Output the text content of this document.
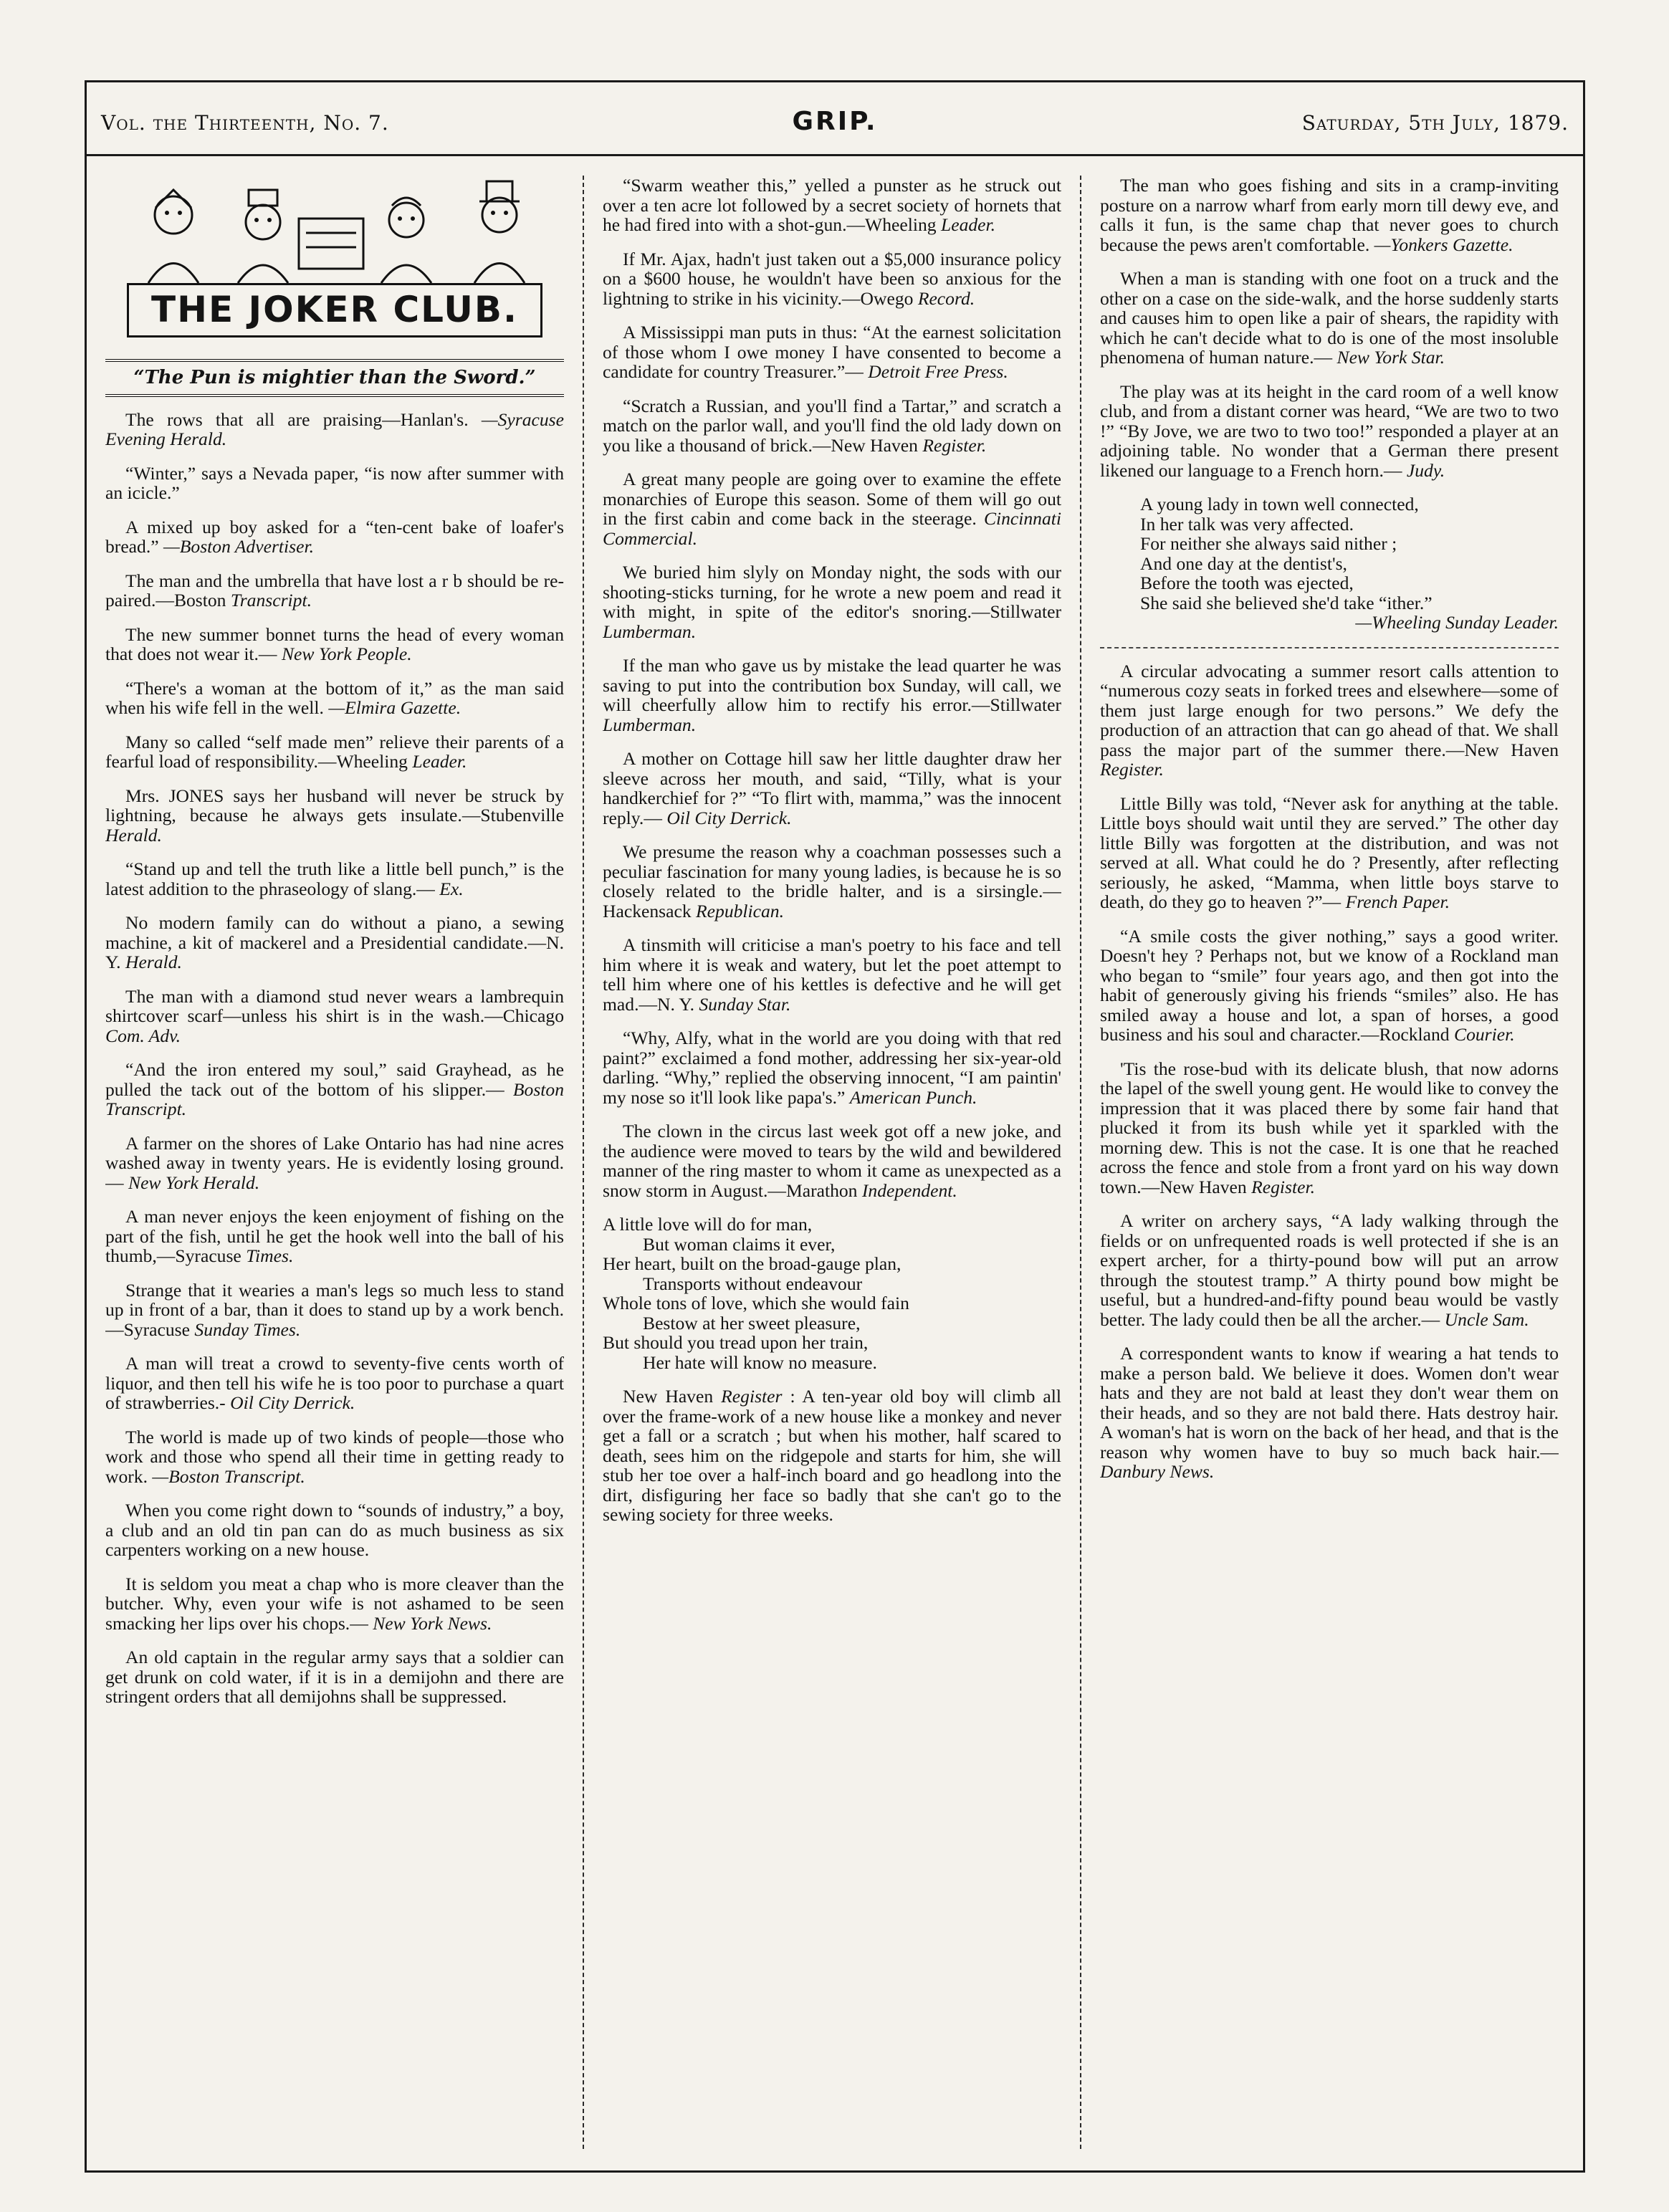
Vol. the Thirteenth, No. 7.	GRIP.	Saturday, 5th July, 1879.
THE JOKER CLUB.
“The Pun is mightier than the Sword.”

The rows that all are praising—Hanlan's. —Syracuse Evening Herald.

“Winter,” says a Nevada paper, “is now after summer with an icicle.”

A mixed up boy asked for a “ten-cent bake of loafer's bread.” —Boston Advertiser.

The man and the umbrella that have lost a r b should be re-paired.—Boston Transcript.

The new summer bonnet turns the head of every woman that does not wear it.— New York People.

“There's a woman at the bottom of it,” as the man said when his wife fell in the well. —Elmira Gazette.

Many so called “self made men” relieve their parents of a fearful load of responsibility.—Wheeling Leader.

Mrs. JONES says her husband will never be struck by lightning, because he always gets insulate.—Stubenville Herald.

“Stand up and tell the truth like a little bell punch,” is the latest addition to the phraseology of slang.— Ex.

No modern family can do without a piano, a sewing machine, a kit of mackerel and a Presidential candidate.—N. Y. Herald.

The man with a diamond stud never wears a lambrequin shirtcover scarf—unless his shirt is in the wash.—Chicago Com. Adv.

“And the iron entered my soul,” said Grayhead, as he pulled the tack out of the bottom of his slipper.— Boston Transcript.

A farmer on the shores of Lake Ontario has had nine acres washed away in twenty years. He is evidently losing ground.— New York Herald.

A man never enjoys the keen enjoyment of fishing on the part of the fish, until he get the hook well into the ball of his thumb,—Syracuse Times.

Strange that it wearies a man's legs so much less to stand up in front of a bar, than it does to stand up by a work bench.—Syracuse Sunday Times.

A man will treat a crowd to seventy-five cents worth of liquor, and then tell his wife he is too poor to purchase a quart of strawberries.- Oil City Derrick.

The world is made up of two kinds of people—those who work and those who spend all their time in getting ready to work. —Boston Transcript.

When you come right down to “sounds of industry,” a boy, a club and an old tin pan can do as much business as six carpenters working on a new house.

It is seldom you meat a chap who is more cleaver than the butcher. Why, even your wife is not ashamed to be seen smacking her lips over his chops.— New York News.

An old captain in the regular army says that a soldier can get drunk on cold water, if it is in a demijohn and there are stringent orders that all demijohns shall be suppressed.

“Swarm weather this,” yelled a punster as he struck out over a ten acre lot followed by a secret society of hornets that he had fired into with a shot-gun.—Wheeling Leader.

If Mr. Ajax, hadn't just taken out a $5,000 insurance policy on a $600 house, he wouldn't have been so anxious for the lightning to strike in his vicinity.—Owego Record.

A Mississippi man puts in thus: “At the earnest solicitation of those whom I owe money I have consented to become a candidate for country Treasurer.”— Detroit Free Press.

“Scratch a Russian, and you'll find a Tartar,” and scratch a match on the parlor wall, and you'll find the old lady down on you like a thousand of brick.—New Haven Register.

A great many people are going over to examine the effete monarchies of Europe this season. Some of them will go out in the first cabin and come back in the steerage. Cincinnati Commercial.

We buried him slyly on Monday night, the sods with our shooting-sticks turning, for he wrote a new poem and read it with might, in spite of the editor's snoring.—Stillwater Lumberman.

If the man who gave us by mistake the lead quarter he was saving to put into the contribution box Sunday, will call, we will cheerfully allow him to rectify his error.—Stillwater Lumberman.

A mother on Cottage hill saw her little daughter draw her sleeve across her mouth, and said, “Tilly, what is your handkerchief for ?” “To flirt with, mamma,” was the innocent reply.— Oil City Derrick.

We presume the reason why a coachman possesses such a peculiar fascination for many young ladies, is because he is so closely related to the bridle halter, and is a sirsingle.—Hackensack Republican.

A tinsmith will criticise a man's poetry to his face and tell him where it is weak and watery, but let the poet attempt to tell him where one of his kettles is defective and he will get mad.—N. Y. Sunday Star.

“Why, Alfy, what in the world are you doing with that red paint?” exclaimed a fond mother, addressing her six-year-old darling. “Why,” replied the observing innocent, “I am paintin' my nose so it'll look like papa's.” American Punch.

The clown in the circus last week got off a new joke, and the audience were moved to tears by the wild and bewildered manner of the ring master to whom it came as unexpected as a snow storm in August.—Marathon Independent.

A little love will do for man,
But woman claims it ever,
Her heart, built on the broad-gauge plan,
Transports without endeavour
Whole tons of love, which she would fain
Bestow at her sweet pleasure,
But should you tread upon her train,
Her hate will know no measure.

New Haven Register : A ten-year old boy will climb all over the frame-work of a new house like a monkey and never get a fall or a scratch ; but when his mother, half scared to death, sees him on the ridgepole and starts for him, she will stub her toe over a half-inch board and go headlong into the dirt, disfiguring her face so badly that she can't go to the sewing society for three weeks.

The man who goes fishing and sits in a cramp-inviting posture on a narrow wharf from early morn till dewy eve, and calls it fun, is the same chap that never goes to church because the pews aren't comfortable. —Yonkers Gazette.

When a man is standing with one foot on a truck and the other on a case on the side-walk, and the horse suddenly starts and causes him to open like a pair of shears, the rapidity with which he can't decide what to do is one of the most insoluble phenomena of human nature.— New York Star.

The play was at its height in the card room of a well know club, and from a distant corner was heard, “We are two to two !” “By Jove, we are two to two too!” responded a player at an adjoining table. No wonder that a German there present likened our language to a French horn.— Judy.

A young lady in town well connected,
In her talk was very affected.
For neither she always said nither ;
And one day at the dentist's,
Before the tooth was ejected,
She said she believed she'd take “ither.”
—Wheeling Sunday Leader.

A circular advocating a summer resort calls attention to “numerous cozy seats in forked trees and elsewhere—some of them just large enough for two persons.” We defy the production of an attraction that can go ahead of that. We shall pass the major part of the summer there.—New Haven Register.

Little Billy was told, “Never ask for anything at the table. Little boys should wait until they are served.” The other day little Billy was forgotten at the distribution, and was not served at all. What could he do ? Presently, after reflecting seriously, he asked, “Mamma, when little boys starve to death, do they go to heaven ?”— French Paper.

“A smile costs the giver nothing,” says a good writer. Doesn't hey ? Perhaps not, but we know of a Rockland man who began to “smile” four years ago, and then got into the habit of generously giving his friends “smiles” also. He has smiled away a house and lot, a span of horses, a good business and his soul and character.—Rockland Courier.

'Tis the rose-bud with its delicate blush, that now adorns the lapel of the swell young gent. He would like to convey the impression that it was placed there by some fair hand that plucked it from its bush while yet it sparkled with the morning dew. This is not the case. It is one that he reached across the fence and stole from a front yard on his way down town.—New Haven Register.

A writer on archery says, “A lady walking through the fields or on unfrequented roads is well protected if she is an expert archer, for a thirty-pound bow will put an arrow through the stoutest tramp.” A thirty pound bow might be useful, but a hundred-and-fifty pound beau would be vastly better. The lady could then be all the archer.— Uncle Sam.

A correspondent wants to know if wearing a hat tends to make a person bald. We believe it does. Women don't wear hats and they are not bald at least they don't wear them on their heads, and so they are not bald there. Hats destroy hair. A woman's hat is worn on the back of her head, and that is the reason why women have to buy so much back hair.— Danbury News.
